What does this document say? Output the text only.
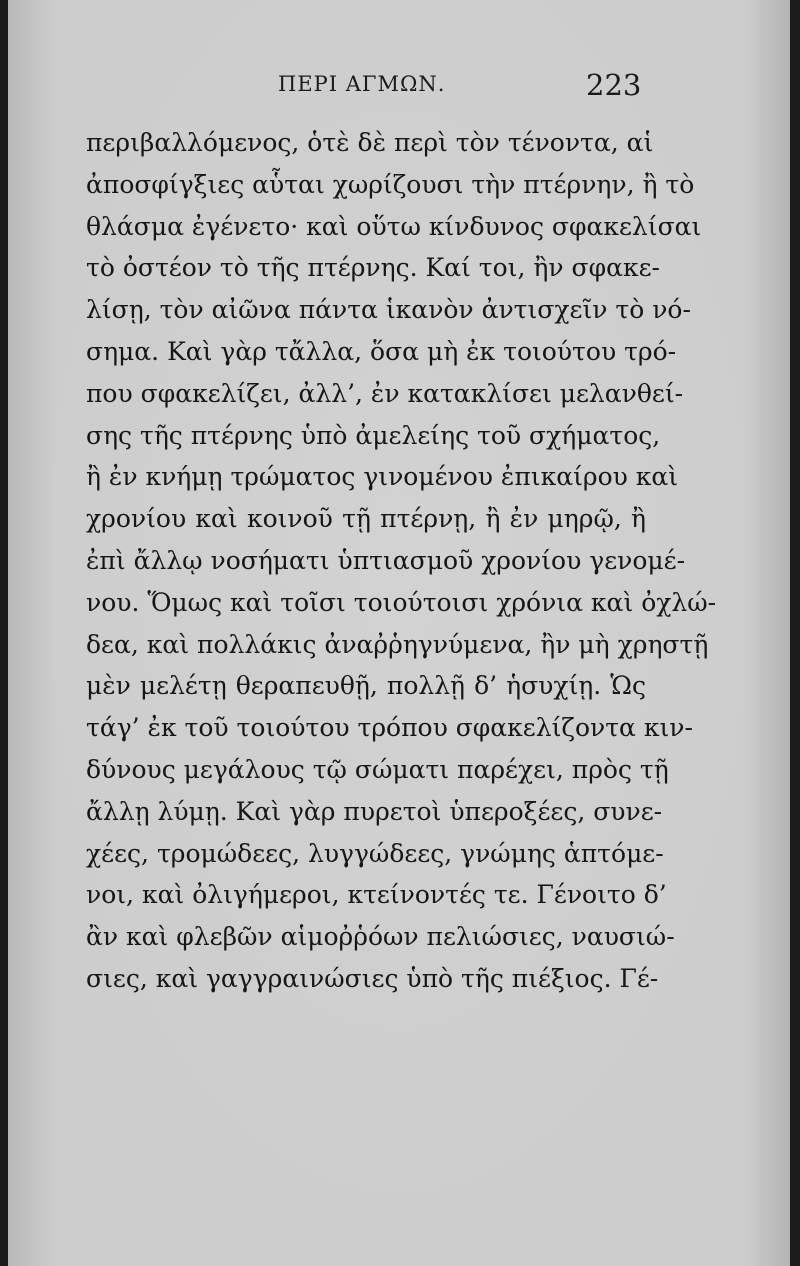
ΠΕΡΙ ΑΓΜΩΝ.	223
περιβαλλόμενος, ὁτὲ δὲ περὶ τὸν τένοντα, αἱ
ἀποσφίγξιες αὗται χωρίζουσι τὴν πτέρνην, ἢ τὸ
θλάσμα ἐγένετο· καὶ οὕτω κίνδυνος σφακελίσαι
τὸ ὀστέον τὸ τῆς πτέρνης. Καί τοι, ἢν σφακε-
λίσῃ, τὸν αἰῶνα πάντα ἱκανὸν ἀντισχεῖν τὸ νό-
σημα. Καὶ γὰρ τἄλλα, ὅσα μὴ ἐκ τοιούτου τρό-
που σφακελίζει, ἀλλ’, ἐν κατακλίσει μελανθεί-
σης τῆς πτέρνης ὑπὸ ἀμελείης τοῦ σχήματος,
ἢ ἐν κνήμῃ τρώματος γινομένου ἐπικαίρου καὶ
χρονίου καὶ κοινοῦ τῇ πτέρνῃ, ἢ ἐν μηρῷ, ἢ
ἐπὶ ἄλλῳ νοσήματι ὑπτιασμοῦ χρονίου γενομέ-
νου. Ὅμως καὶ τοῖσι τοιούτοισι χρόνια καὶ ὀχλώ-
δεα, καὶ πολλάκις ἀναῤῥηγνύμενα, ἢν μὴ χρηστῇ
μὲν μελέτῃ θεραπευθῇ, πολλῇ δ’ ἡσυχίῃ. Ὡς
τάγ’ ἐκ τοῦ τοιούτου τρόπου σφακελίζοντα κιν-
δύνους μεγάλους τῷ σώματι παρέχει, πρὸς τῇ
ἄλλῃ λύμῃ. Καὶ γὰρ πυρετοὶ ὑπεροξέες, συνε-
χέες, τρομώδεες, λυγγώδεες, γνώμης ἁπτόμε-
νοι, καὶ ὀλιγήμεροι, κτείνοντές τε. Γένοιτο δ’
ἂν καὶ φλεβῶν αἱμοῤῥόων πελιώσιες, ναυσιώ-
σιες, καὶ γαγγραινώσιες ὑπὸ τῆς πιέξιος. Γέ-
